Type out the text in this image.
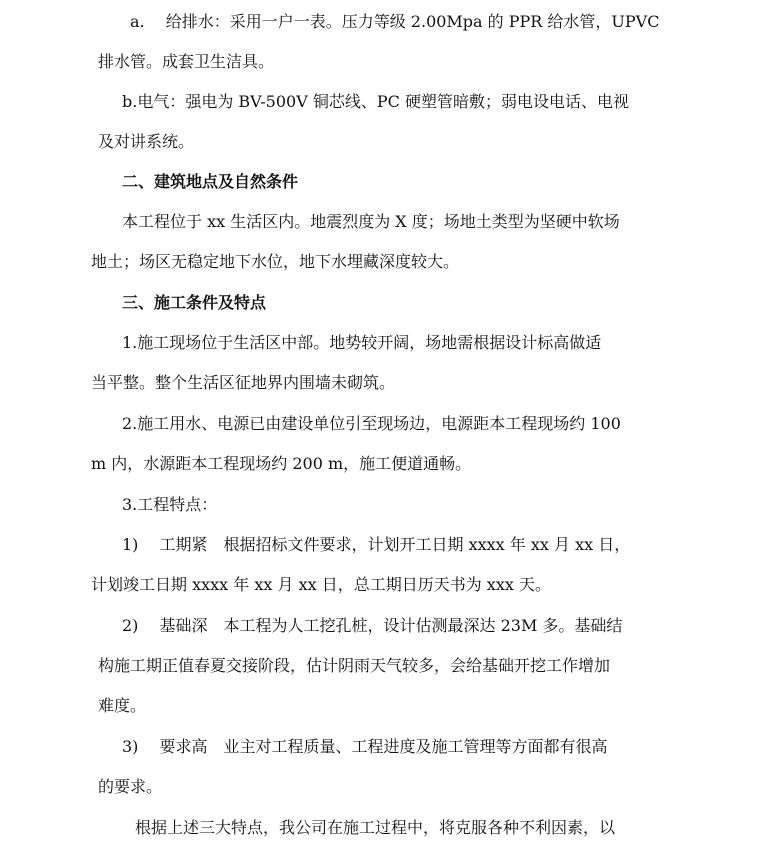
a.　 给排水：采用一户一表。压力等级 2.00Mpa 的 PPR 给水管，UPVC
排水管。成套卫生洁具。
b.电气：强电为 BV-500V 铜芯线、PC 硬塑管暗敷；弱电设电话、电视
及对讲系统。
二、建筑地点及自然条件
本工程位于 xx 生活区内。地震烈度为 X 度；场地土类型为坚硬中软场
地土；场区无稳定地下水位，地下水埋藏深度较大。
三、施工条件及特点
1.施工现场位于生活区中部。地势较开阔，场地需根据设计标高做适
当平整。整个生活区征地界内围墙未砌筑。
2.施工用水、电源已由建设单位引至现场边，电源距本工程现场约 100
m 内，水源距本工程现场约 200 m，施工便道通畅。
3.工程特点：
1)　 工期紧　根据招标文件要求，计划开工日期 xxxx 年 xx 月 xx 日，
计划竣工日期 xxxx 年 xx 月 xx 日，总工期日历天书为 xxx 天。
2)　 基础深　本工程为人工挖孔桩，设计估测最深达 23M 多。基础结
构施工期正值春夏交接阶段，估计阴雨天气较多，会给基础开挖工作增加
难度。
3)　 要求高　业主对工程质量、工程进度及施工管理等方面都有很高
的要求。
根据上述三大特点，我公司在施工过程中，将克服各种不利因素，以
